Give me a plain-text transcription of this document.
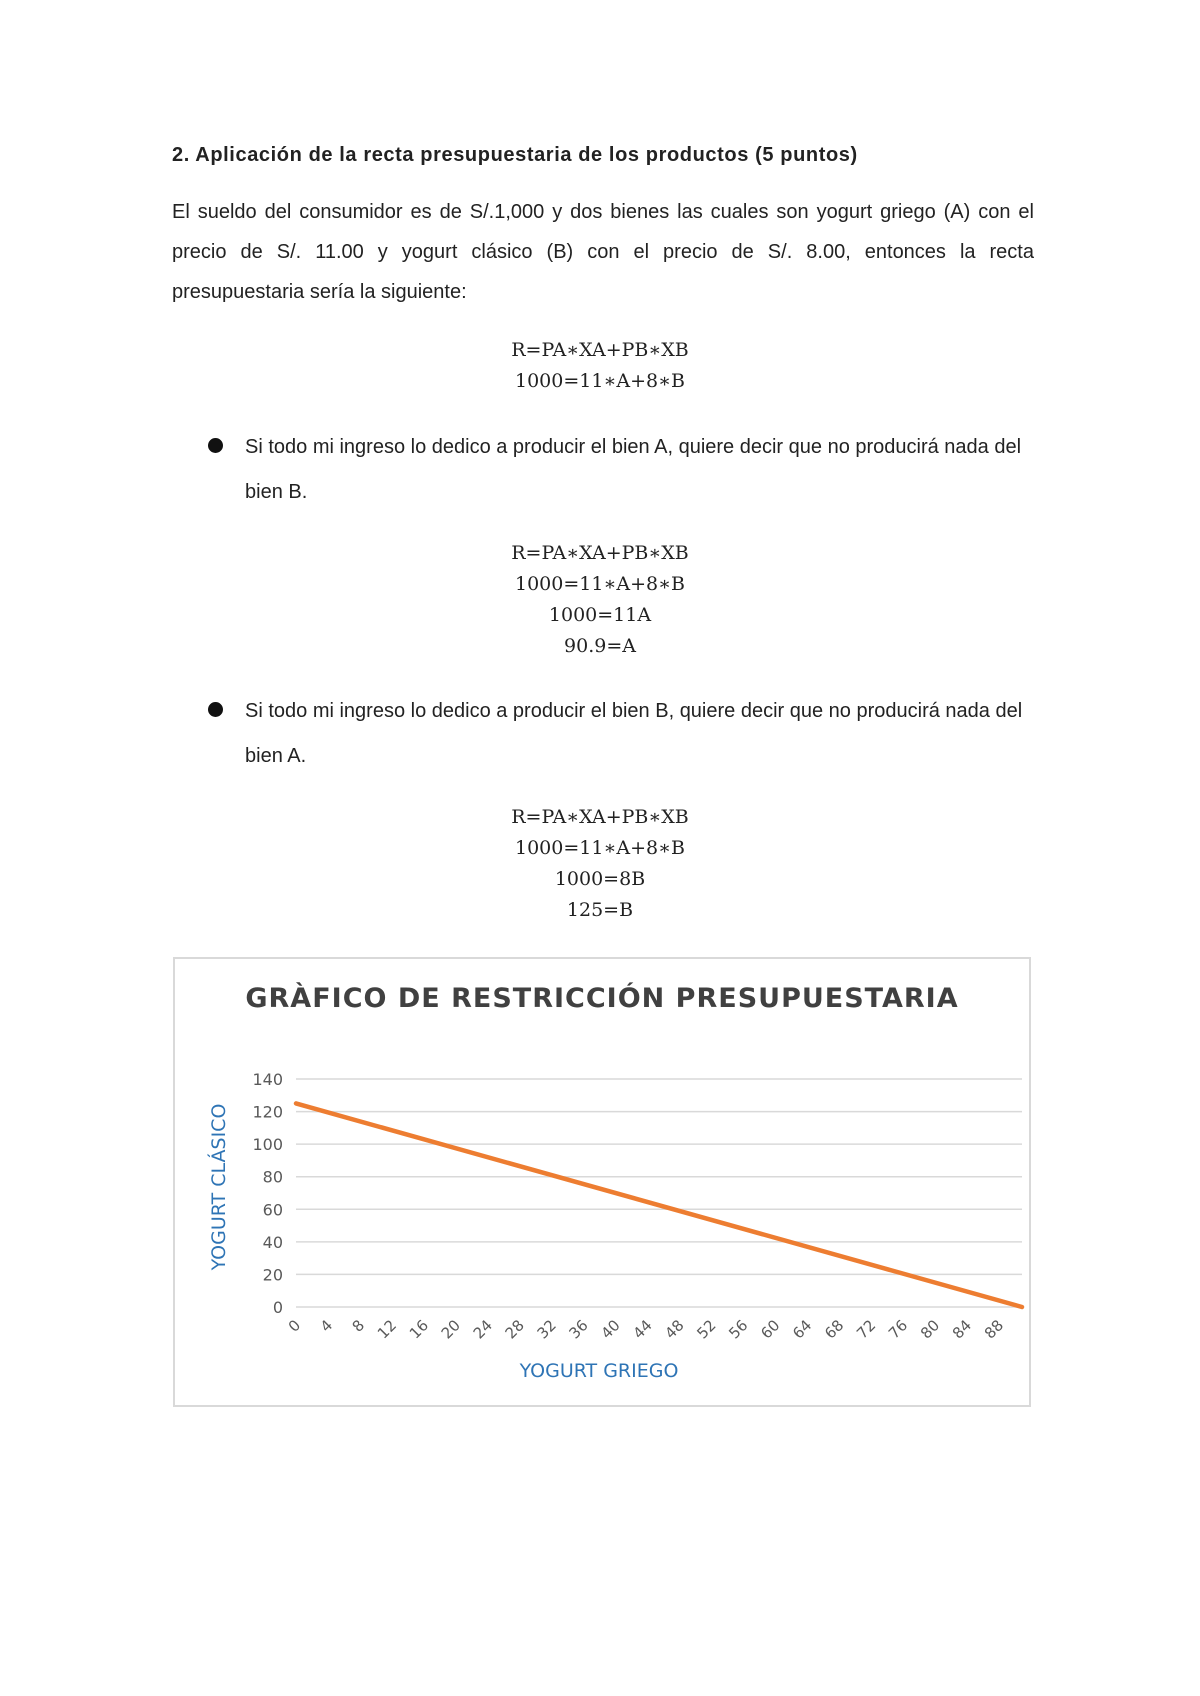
2. Aplicación de la recta presupuestaria de los productos (5 puntos)
El sueldo del consumidor es de S/.1,000 y dos bienes las cuales son yogurt griego (A) con el precio de S/. 11.00 y yogurt clásico (B) con el precio de S/. 8.00, entonces la recta presupuestaria sería la siguiente:
R=PA∗XA+PB∗XB
1000=11∗A+8∗B
Si todo mi ingreso lo dedico a producir el bien A, quiere decir que no producirá nada del bien B.
R=PA∗XA+PB∗XB
1000=11∗A+8∗B
1000=11A
90.9=A
Si todo mi ingreso lo dedico a producir el bien B, quiere decir que no producirá nada del bien A.
R=PA∗XA+PB∗XB
1000=11∗A+8∗B
1000=8B
125=B
GRÀFICO DE RESTRICCIÓN PRESUPUESTARIA
0
20
40
60
80
100
120
140
0 4 8 12 16 20 24 28 32 36 40 44 48 52 56 60 64 68 72 76 80 84 88
YOGURT GRIEGO
YOGURT CLÁSICO
